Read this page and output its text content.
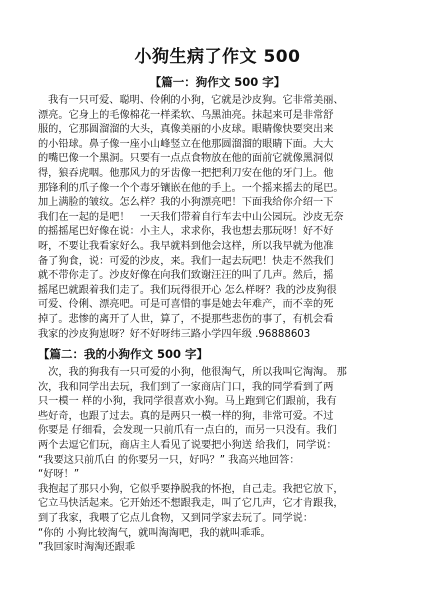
小狗生病了作文 500
【篇一：狗作文 500 字】
　我有一只可爱、聪明、伶俐的小狗，它就是沙皮狗。它非常美丽、
漂亮。它身上的毛像棉花一样柔软、乌黑油亮。抹起来可是非常舒
服的，它那圆溜溜的大头，真像美丽的小皮球。眼睛像快要突出来
的小铅球。鼻子像一座小山峰竖立在他那圆溜溜的眼睛下面。大大
的嘴巴像一个黑洞。只要有一点点食物放在他的面前它就像黑洞似
得，狼吞虎咽。他那风力的牙齿像一把把利刀安在他的牙门上。他
那锋利的爪子像一个个毒牙镶嵌在他的手上。一个摇来摇去的尾巴。
加上满脸的皱纹。怎么样？我的小狗漂亮吧！下面我给你介绍一下
我们在一起的是吧！　一天我们带着自行车去中山公园玩。沙皮无奈
的摇摇尾巴好像在说：小主人，求求你，我也想去那玩呀！好不好
呀，不要让我看家好么。我早就料到他会这样，所以我早就为他准
备了狗食，说：可爱的沙皮，来。我们一起去玩吧！快走不然我们
就不带你走了。沙皮好像在向我们致谢汪汪的叫了几声。然后，摇
摇尾巴就跟着我们走了。我们玩得很开心 怎么样呀？我的沙皮狗很
可爱、伶俐、漂亮吧。可是可喜惜的事是她去年难产，而不幸的死
掉了。悲惨的离开了人世，算了，不提那些悲伤的事了，有机会看
我家的沙皮狗崽呀？好不好呀纬三路小学四年级 .96888603
【篇二：我的小狗作文 500 字】
　次，我的狗我有一只可爱的小狗，他很淘气，所以我叫它淘淘。 那
次，我和同学出去玩，我们到了一家商店门口，我的同学看到了两
只一模一 样的小狗，我同学很喜欢小狗。马上跑到它们跟前，我有
些好奇，也跟了过去。真的是两只一模一样的狗，非常可爱。不过
你要是 仔细看，会发现一只前爪有一点白的，而另一只没有。我们
两个去逗它们玩，商店主人看见了说要把小狗送 给我们，同学说：
“我要这只前爪白 的你要另一只，好吗？” 我高兴地回答：
“好呀！”
我抱起了那只小狗，它似乎要挣脱我的怀抱，自己走。我把它放下，
它立马快活起来。它开始还不想跟我走，叫了它几声，它才肯跟我，
到了我家，我喂了它点儿食物，又到同学家去玩了。同学说：
“你的 小狗比较淘气，就叫淘淘吧，我的就叫乖乖。
”我回家时淘淘还跟乖
